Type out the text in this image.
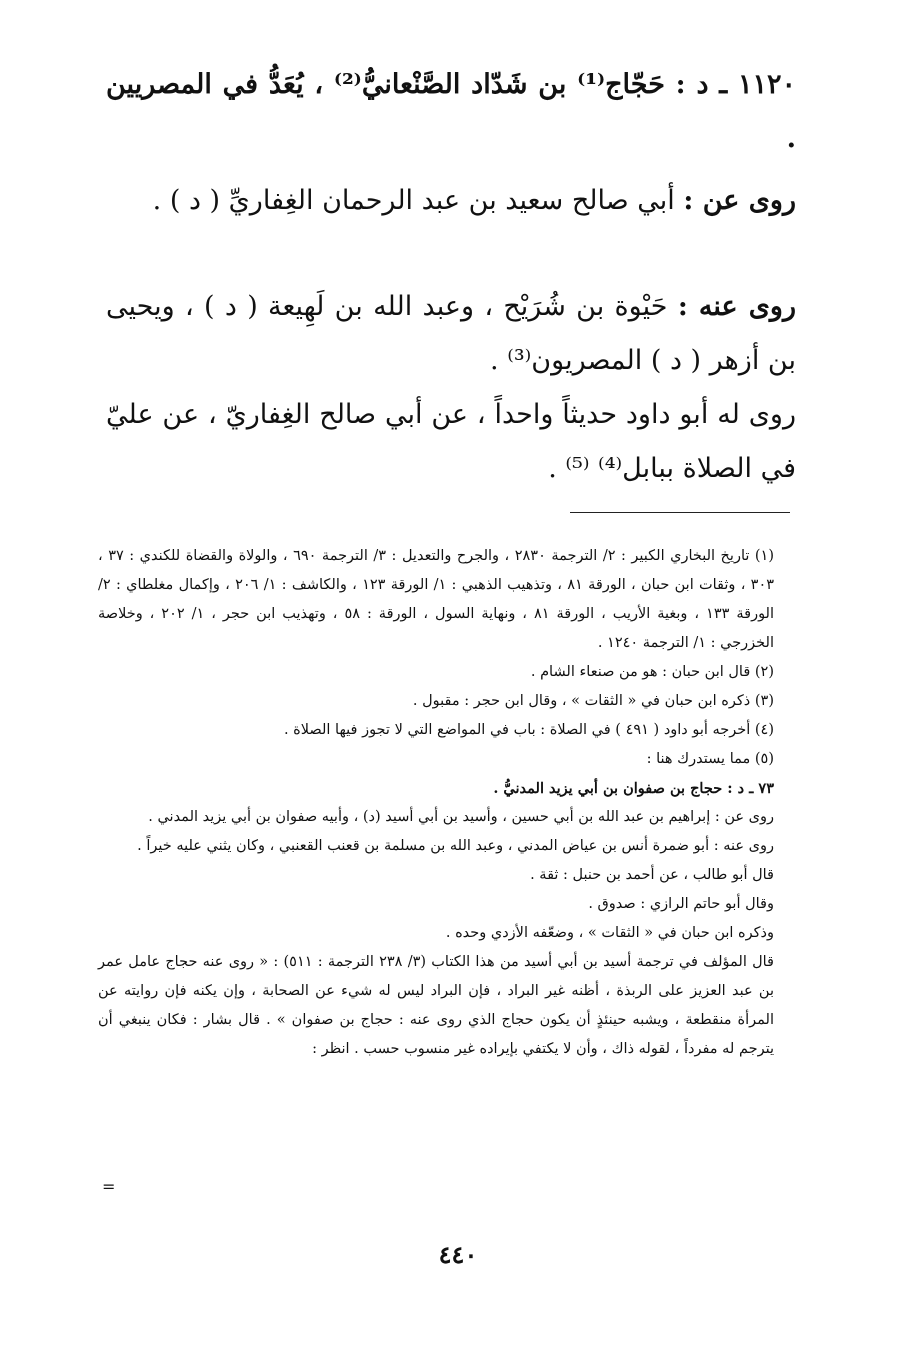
١١٢٠ ـ د : حَجّاج⁽¹⁾ بن شَدّاد الصَّنْعانيُّ⁽²⁾ ، يُعَدُّ في المصريين .

روى عن : أبي صالح سعيد بن عبد الرحمان الغِفاريِّ ( د ) .

روى عنه : حَيْوة بن شُرَيْح ، وعبد الله بن لَهِيعة ( د ) ، ويحيى بن أزهر ( د ) المصريون⁽³⁾ .

روى له أبو داود حديثاً واحداً ، عن أبي صالح الغِفاريّ ، عن عليّ في الصلاة ببابل⁽⁴⁾ ⁽⁵⁾ .

(١) تاريخ البخاري الكبير : ٢/ الترجمة ٢٨٣٠ ، والجرح والتعديل : ٣/ الترجمة ٦٩٠ ، والولاة والقضاة للكندي : ٣٧ ، ٣٠٣ ، وثقات ابن حبان ، الورقة ٨١ ، وتذهيب الذهبي : ١/ الورقة ١٢٣ ، والكاشف : ١/ ٢٠٦ ، وإكمال مغلطاي : ٢/ الورقة ١٣٣ ، وبغية الأريب ، الورقة ٨١ ، ونهاية السول ، الورقة : ٥٨ ، وتهذيب ابن حجر ، ١/ ٢٠٢ ، وخلاصة الخزرجي : ١/ الترجمة ١٢٤٠ .

(٢) قال ابن حبان : هو من صنعاء الشام .

(٣) ذكره ابن حبان في « الثقات » ، وقال ابن حجر : مقبول .

(٤) أخرجه أبو داود ( ٤٩١ ) في الصلاة : باب في المواضع التي لا تجوز فيها الصلاة .

(٥) مما يستدرك هنا :

٧٣ ـ د : حجاج بن صفوان بن أبي يزيد المدنيُّ .

روى عن : إبراهيم بن عبد الله بن أبي حسين ، وأسيد بن أبي أسيد (د) ، وأبيه صفوان بن أبي يزيد المدني .

روى عنه : أبو ضمرة أنس بن عياض المدني ، وعبد الله بن مسلمة بن قعنب القعنبي ، وكان يثني عليه خيراً .

قال أبو طالب ، عن أحمد بن حنبل : ثقة .

وقال أبو حاتم الرازي : صدوق .

وذكره ابن حبان في « الثقات » ، وضعّفه الأزدي وحده .

قال المؤلف في ترجمة أسيد بن أبي أسيد من هذا الكتاب (٣/ ٢٣٨ الترجمة : ٥١١) : « روى عنه حجاج عامل عمر بن عبد العزيز على الربذة ، أظنه غير البراد ، فإن البراد ليس له شيء عن الصحابة ، وإن يكنه فإن روايته عن المرأة منقطعة ، ويشبه حينئذٍ أن يكون حجاج الذي روى عنه : حجاج بن صفوان » . قال بشار : فكان ينبغي أن يترجم له مفرداً ، لقوله ذاك ، وأن لا يكتفي بإيراده غير منسوب حسب . انظر :

=
٤٤٠
